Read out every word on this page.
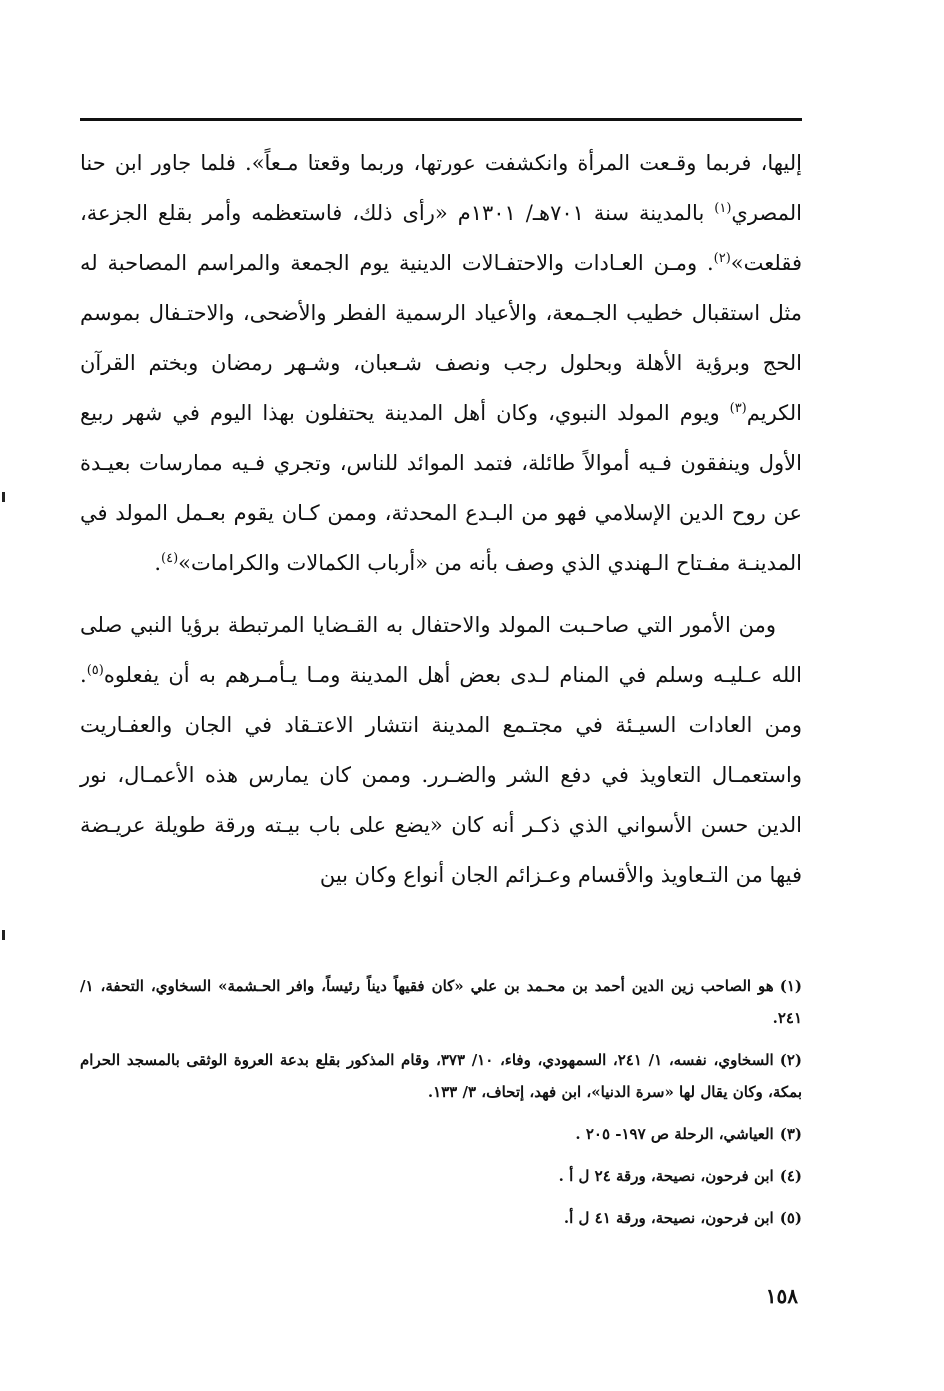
إليها، فربما وقـعت المرأة وانكشفت عورتها، وربما وقعتا مـعاً». فلما جاور ابن حنا المصري$^{(١)}$ بالمدينة سنة ٧٠١هـ/ ١٣٠١م «رأى ذلك، فاستعظمه وأمر بقلع الجزعة، فقلعت»$^{(٢)}$. ومـن العـادات والاحتفـالات الدينية يوم الجمعة والمراسم المصاحبة له مثل استقبال خطيب الجـمعة، والأعياد الرسمية الفطر والأضحى، والاحتـفال بموسم الحج وبرؤية الأهلة وبحلول رجب ونصف شـعبان، وشـهر رمضان وبختم القرآن الكريم$^{(٣)}$ ويوم المولد النبوي، وكان أهل المدينة يحتفلون بهذا اليوم في شهر ربيع الأول وينفقون فـيه أموالاً طائلة، فتمد الموائد للناس، وتجري فـيه ممارسات بعيـدة عن روح الدين الإسلامي فهو من البـدع المحدثة، وممن كـان يقوم بعـمل المولد في المدينـة مفـتاح الـهندي الذي وصف بأنه من «أرباب الكمالات والكرامات»$^{(٤)}$.

ومن الأمور التي صاحـبت المولد والاحتفال به القـضايا المرتبطة برؤيا النبي صلى الله عـليـه وسلم في المنام لـدى بعض أهل المدينة ومـا يـأمـرهم به أن يفعلوه$^{(٥)}$. ومن العادات السيـئة في مجتـمع المدينة انتشار الاعتـقاد في الجان والعفـاريت واستعمـال التعاويذ في دفع الشر والضـرر. وممن كان يمارس هذه الأعمـال، نور الدين حسن الأسواني الذي ذكـر أنه كان «يضع على باب بيـته ورقة طويلة عريـضة فيها من التـعاويذ والأقسام وعـزائم الجان أنواع وكان بين

(١)هو الصاحب زين الدين أحمد بن محـمد بن علي «كان فقيهاً ديناً رئيساً، وافر الحـشمة» السخاوي، التحفة، ١/ ٢٤١.

(٢)السخاوي، نفسه، ١/ ٢٤١، السمهودي، وفاء، ١٠/ ٣٧٣، وقام المذكور بقلع بدعة العروة الوثقى بالمسجد الحرام بمكة، وكان يقال لها «سرة الدنيا»، ابن فهد، إتحاف، ٣/ ١٣٣.

(٣)العياشي، الرحلة ص ١٩٧- ٢٠٥ .

(٤)ابن فرحون، نصيحة، ورقة ٢٤ ل أ .

(٥)ابن فرحون، نصيحة، ورقة ٤١ ل أ.

١٥٨
